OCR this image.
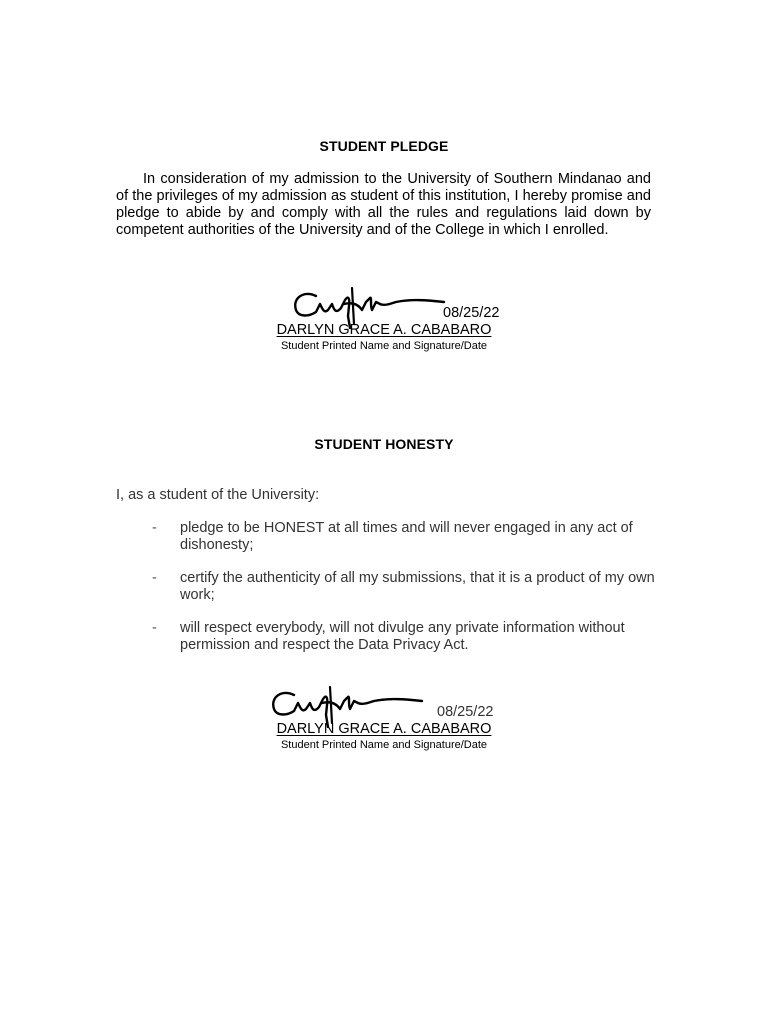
STUDENT PLEDGE

In consideration of my admission to the University of Southern Mindanao and of the privileges of my admission as student of this institution, I hereby promise and pledge to abide by and comply with all the rules and regulations laid down by competent authorities of the University and of the College in which I enrolled.

08/25/22
DARLYN GRACE A. CABABARO
Student Printed Name and Signature/Date
STUDENT HONESTY
I, as a student of the University:
- pledge to be HONEST at all times and will never engaged in any act of dishonesty;
- certify the authenticity of all my submissions, that it is a product of my own work;
- will respect everybody, will not divulge any private information without permission and respect the Data Privacy Act.
08/25/22
DARLYN GRACE A. CABABARO
Student Printed Name and Signature/Date
